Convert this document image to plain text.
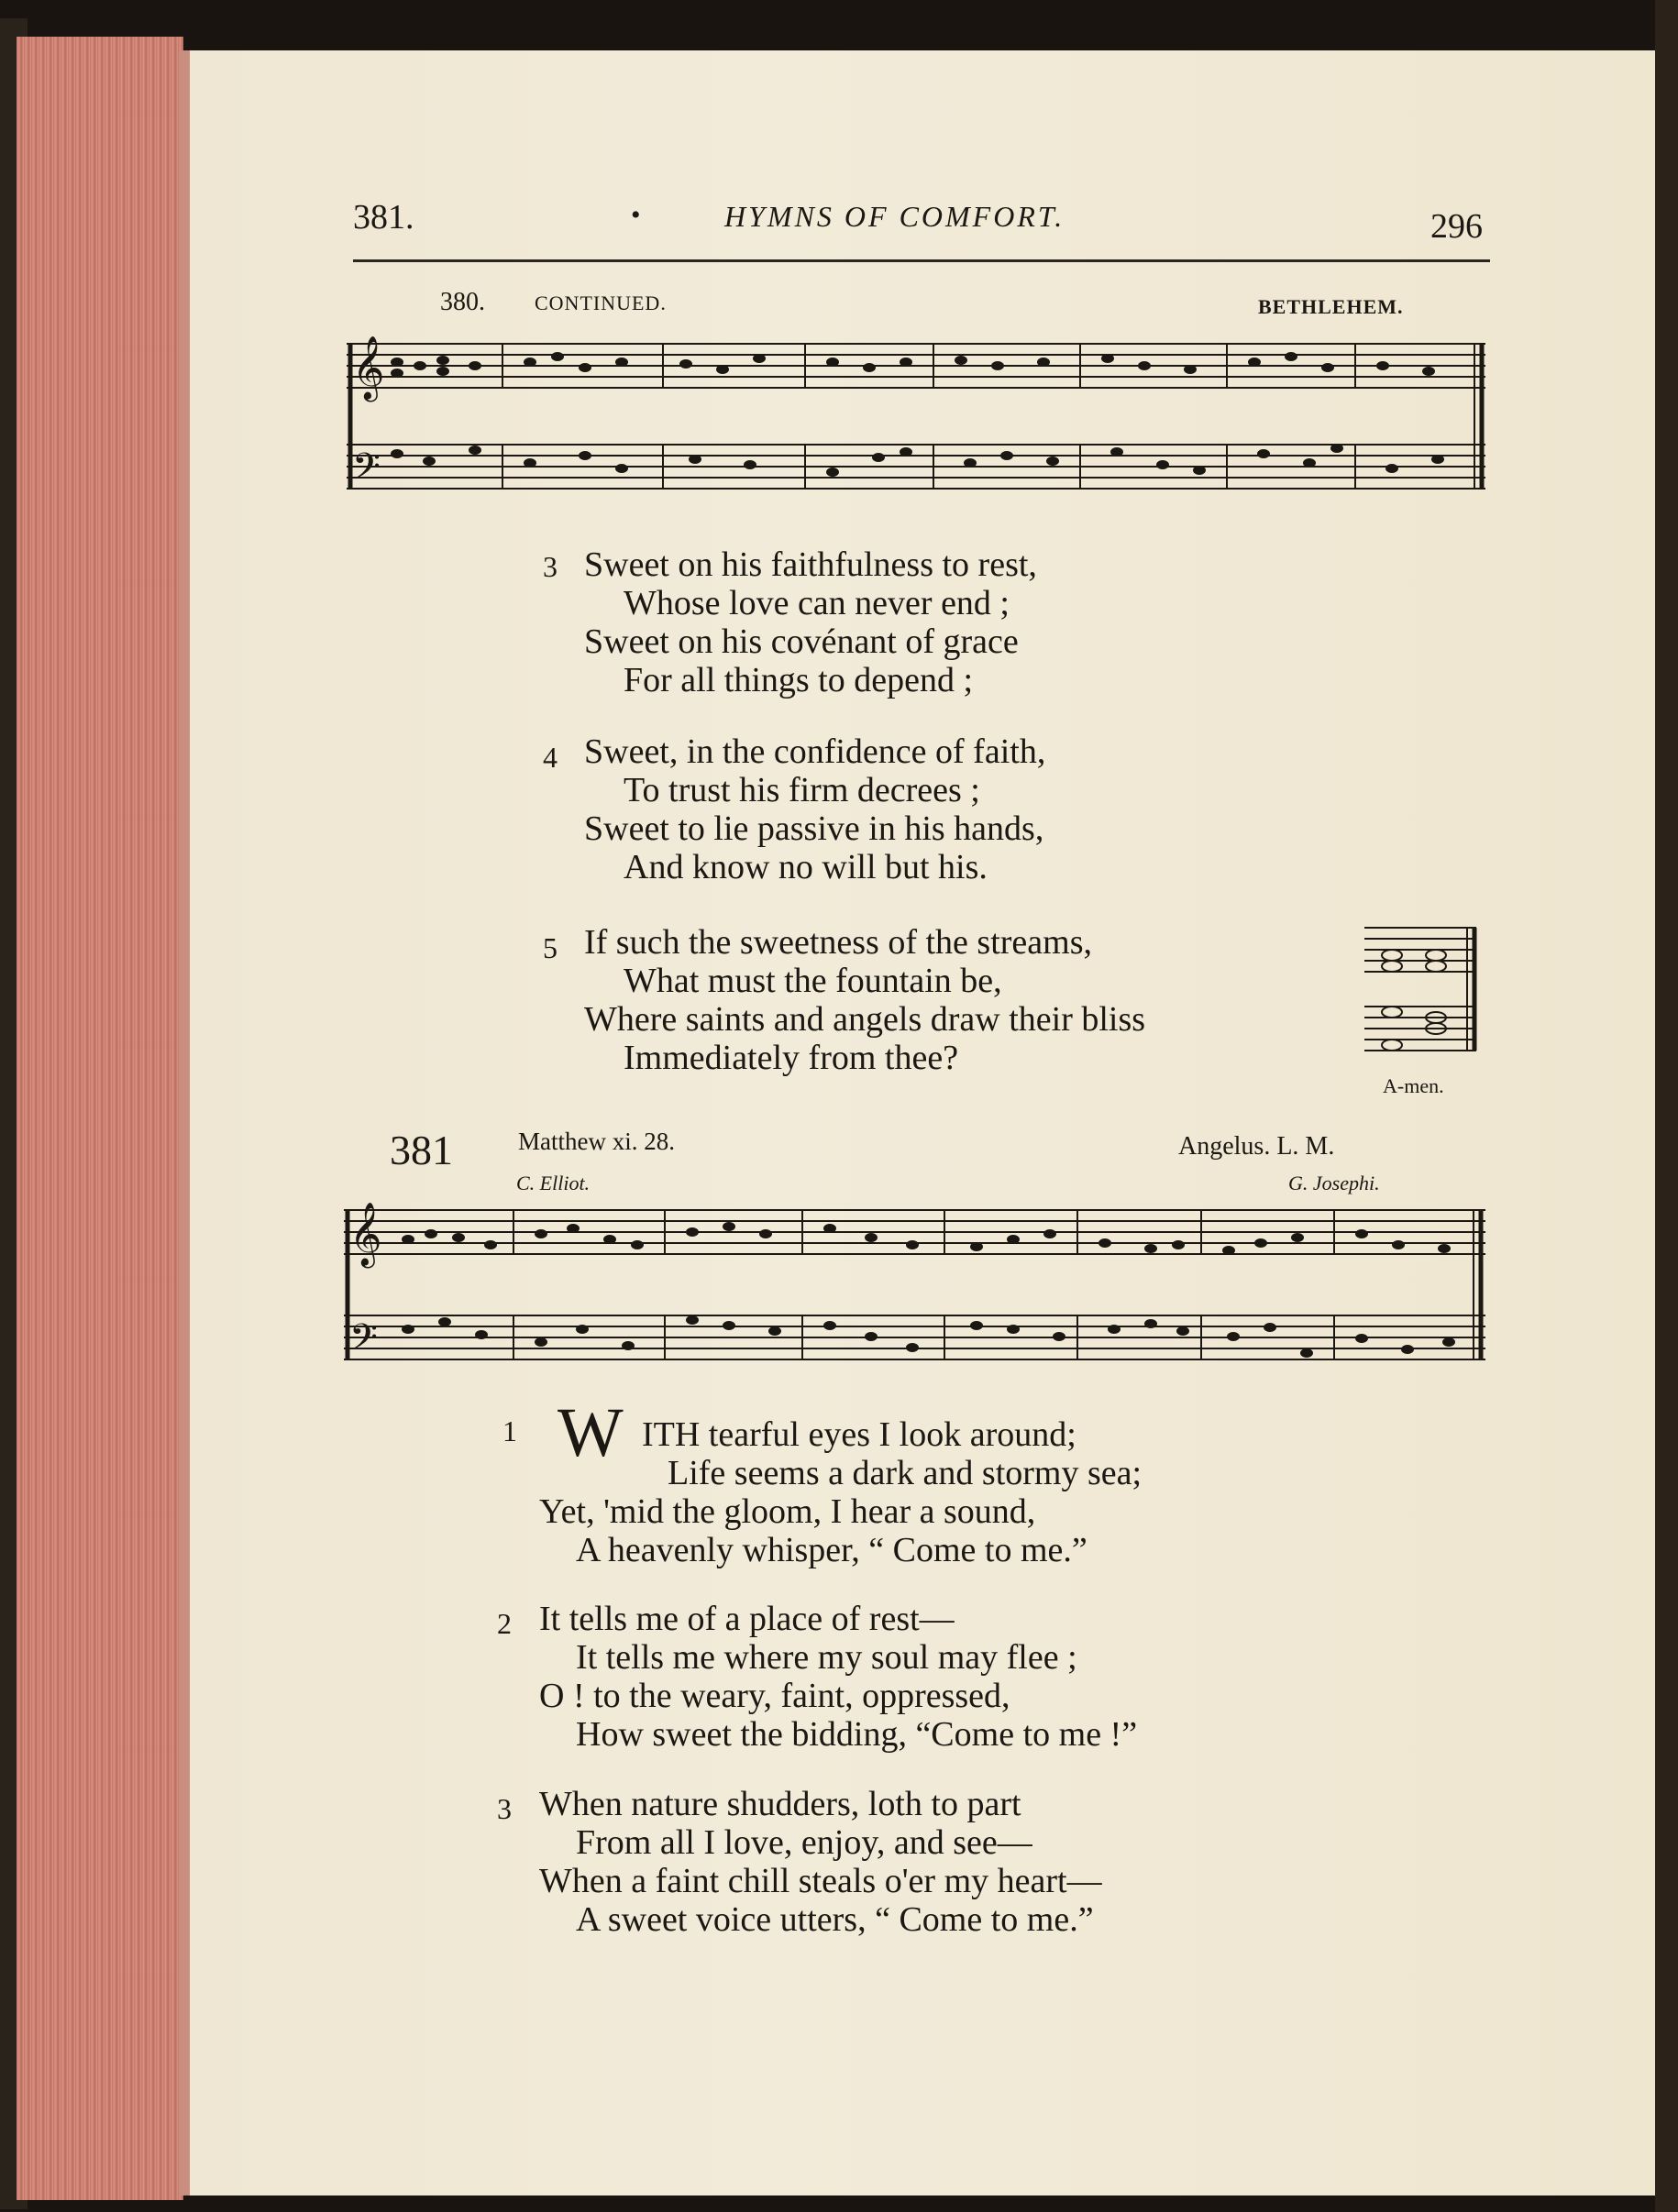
381.	•	HYMNS OF COMFORT.	296
380. CONTINUED.	BETHLEHEM.
𝄞
𝄢
3 Sweet on his faithfulness to rest,
Whose love can never end ;
Sweet on his covénant of grace
For all things to depend ;
4 Sweet, in the confidence of faith,
To trust his firm decrees ;
Sweet to lie passive in his hands,
And know no will but his.
5 If such the sweetness of the streams,
What must the fountain be,
Where saints and angels draw their bliss
Immediately from thee?
A-men.
381	Matthew xi. 28.	Angelus. L. M.
C. Elliot.	G. Josephi.
𝄞
𝄢
1 W ITH tearful eyes I look around;
Life seems a dark and stormy sea;
Yet, 'mid the gloom, I hear a sound,
A heavenly whisper, “ Come to me.”
2 It tells me of a place of rest—
It tells me where my soul may flee ;
O ! to the weary, faint, oppressed,
How sweet the bidding, “Come to me !”
3 When nature shudders, loth to part
From all I love, enjoy, and see—
When a faint chill steals o'er my heart—
A sweet voice utters, “ Come to me.”
